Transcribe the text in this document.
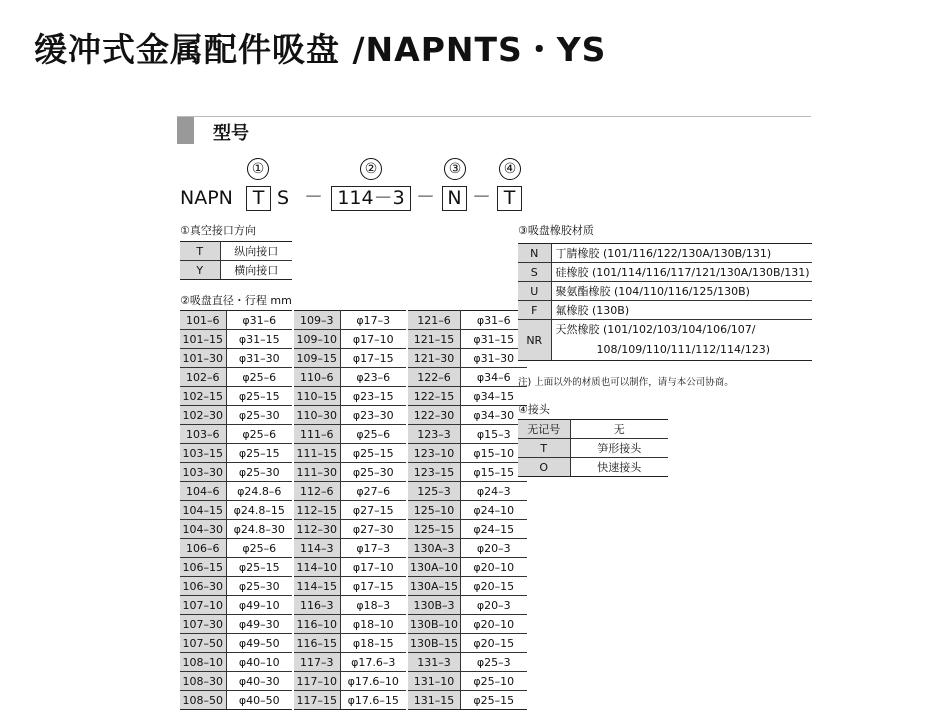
缓冲式金属配件吸盘 /NAPNTS・YS
型号
①	②	③	④
NAPN	T S － 114－3 － N － T
①真空接口方向
T	纵向接口
Y	横向接口
②吸盘直径・行程 mm
101–6	φ31–6
101–15	φ31–15
101–30	φ31–30
102–6	φ25–6
102–15	φ25–15
102–30	φ25–30
103–6	φ25–6
103–15	φ25–15
103–30	φ25–30
104–6	φ24.8–6
104–15	φ24.8–15
104–30	φ24.8–30
106–6	φ25–6
106–15	φ25–15
106–30	φ25–30
107–10	φ49–10
107–30	φ49–30
107–50	φ49–50
108–10	φ40–10
108–30	φ40–30
108–50	φ40–50
109–3	φ17–3
109–10	φ17–10
109–15	φ17–15
110–6	φ23–6
110–15	φ23–15
110–30	φ23–30
111–6	φ25–6
111–15	φ25–15
111–30	φ25–30
112–6	φ27–6
112–15	φ27–15
112–30	φ27–30
114–3	φ17–3
114–10	φ17–10
114–15	φ17–15
116–3	φ18–3
116–10	φ18–10
116–15	φ18–15
117–3	φ17.6–3
117–10	φ17.6–10
117–15	φ17.6–15
121–6	φ31–6
121–15	φ31–15
121–30	φ31–30
122–6	φ34–6
122–15	φ34–15
122–30	φ34–30
123–3	φ15–3
123–10	φ15–10
123–15	φ15–15
125–3	φ24–3
125–10	φ24–10
125–15	φ24–15
130A–3	φ20–3
130A–10	φ20–10
130A–15	φ20–15
130B–3	φ20–3
130B–10	φ20–10
130B–15	φ20–15
131–3	φ25–3
131–10	φ25–10
131–15	φ25–15
③吸盘橡胶材质
N	丁腈橡胶 (101/116/122/130A/130B/131)
S	硅橡胶 (101/114/116/117/121/130A/130B/131)
U	聚氨酯橡胶 (104/110/116/125/130B)
F	氟橡胶 (130B)
NR	天然橡胶 (101/102/103/104/106/107/
108/109/110/111/112/114/123)
注) 上面以外的材质也可以制作，请与本公司协商。
④接头
无记号	无
T	笋形接头
O	快速接头
